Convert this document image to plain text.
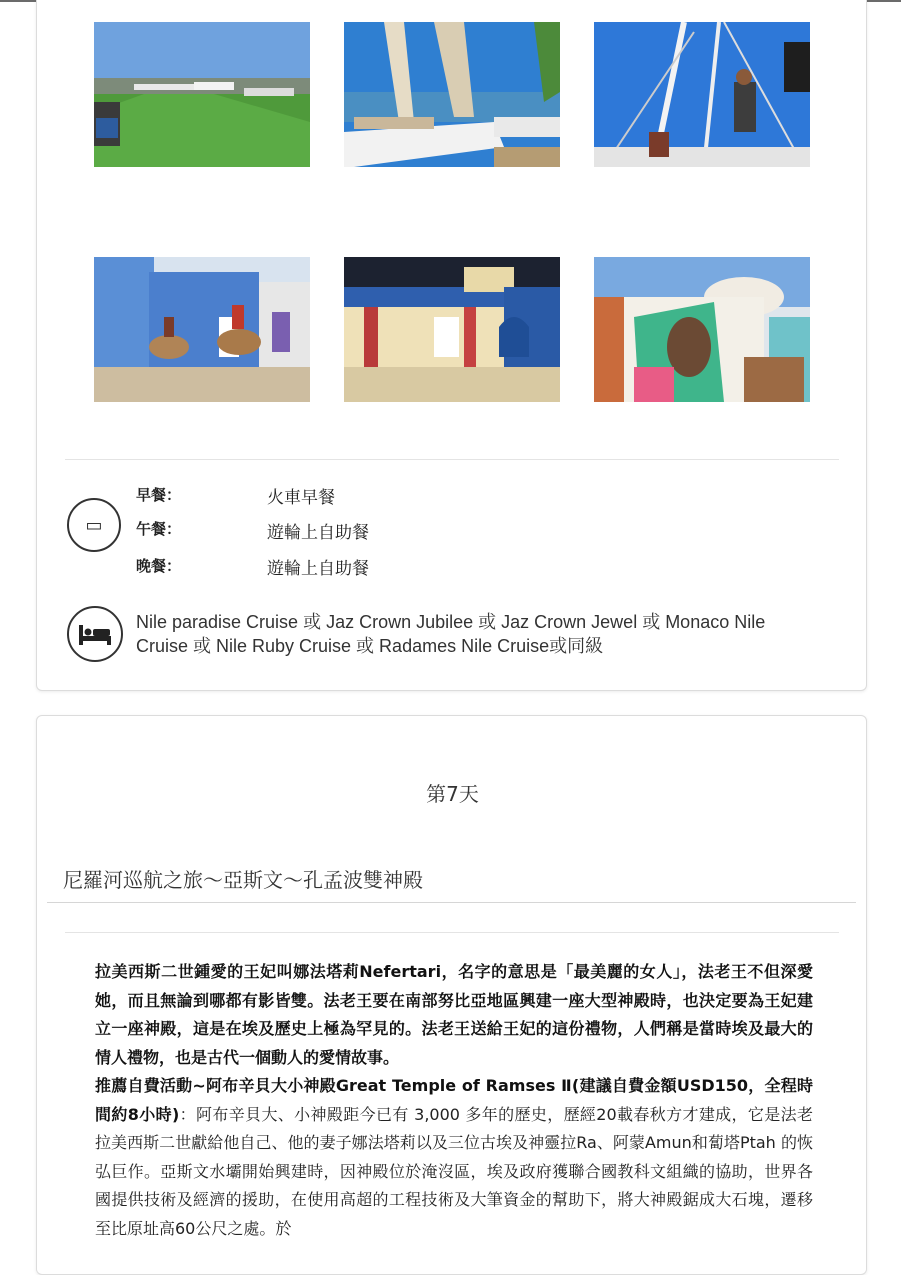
▭
早餐：	火車早餐
午餐：	遊輪上自助餐
晚餐：	遊輪上自助餐
Nile paradise Cruise 或 Jaz Crown Jubilee 或 Jaz Crown Jewel 或 Monaco Nile Cruise 或 Nile Ruby Cruise 或 Radames Nile Cruise或同級
第7天
尼羅河巡航之旅～亞斯文～孔孟波雙神殿
拉美西斯二世鍾愛的王妃叫娜法塔莉Nefertari，名字的意思是「最美麗的女人」，法老王不但深愛她，而且無論到哪都有影皆雙。法老王要在南部努比亞地區興建一座大型神殿時，也決定要為王妃建立一座神殿，這是在埃及歷史上極為罕見的。法老王送給王妃的這份禮物，人們稱是當時埃及最大的情人禮物，也是古代一個動人的愛情故事。
推薦自費活動~阿布辛貝大小神殿Great Temple of Ramses Ⅱ(建議自費金額USD150，全程時間約8小時)：阿布辛貝大、小神殿距今已有 3,000 多年的歷史，歷經20載春秋方才建成，它是法老拉美西斯二世獻給他自己、他的妻子娜法塔莉以及三位古埃及神靈拉Ra、阿蒙Amun和蔔塔Ptah 的恢弘巨作。亞斯文水壩開始興建時，因神殿位於淹沒區，埃及政府獲聯合國教科文組織的協助，世界各國提供技術及經濟的援助，在使用高超的工程技術及大筆資金的幫助下，將大神殿鋸成大石塊，遷移至比原址高60公尺之處。於
